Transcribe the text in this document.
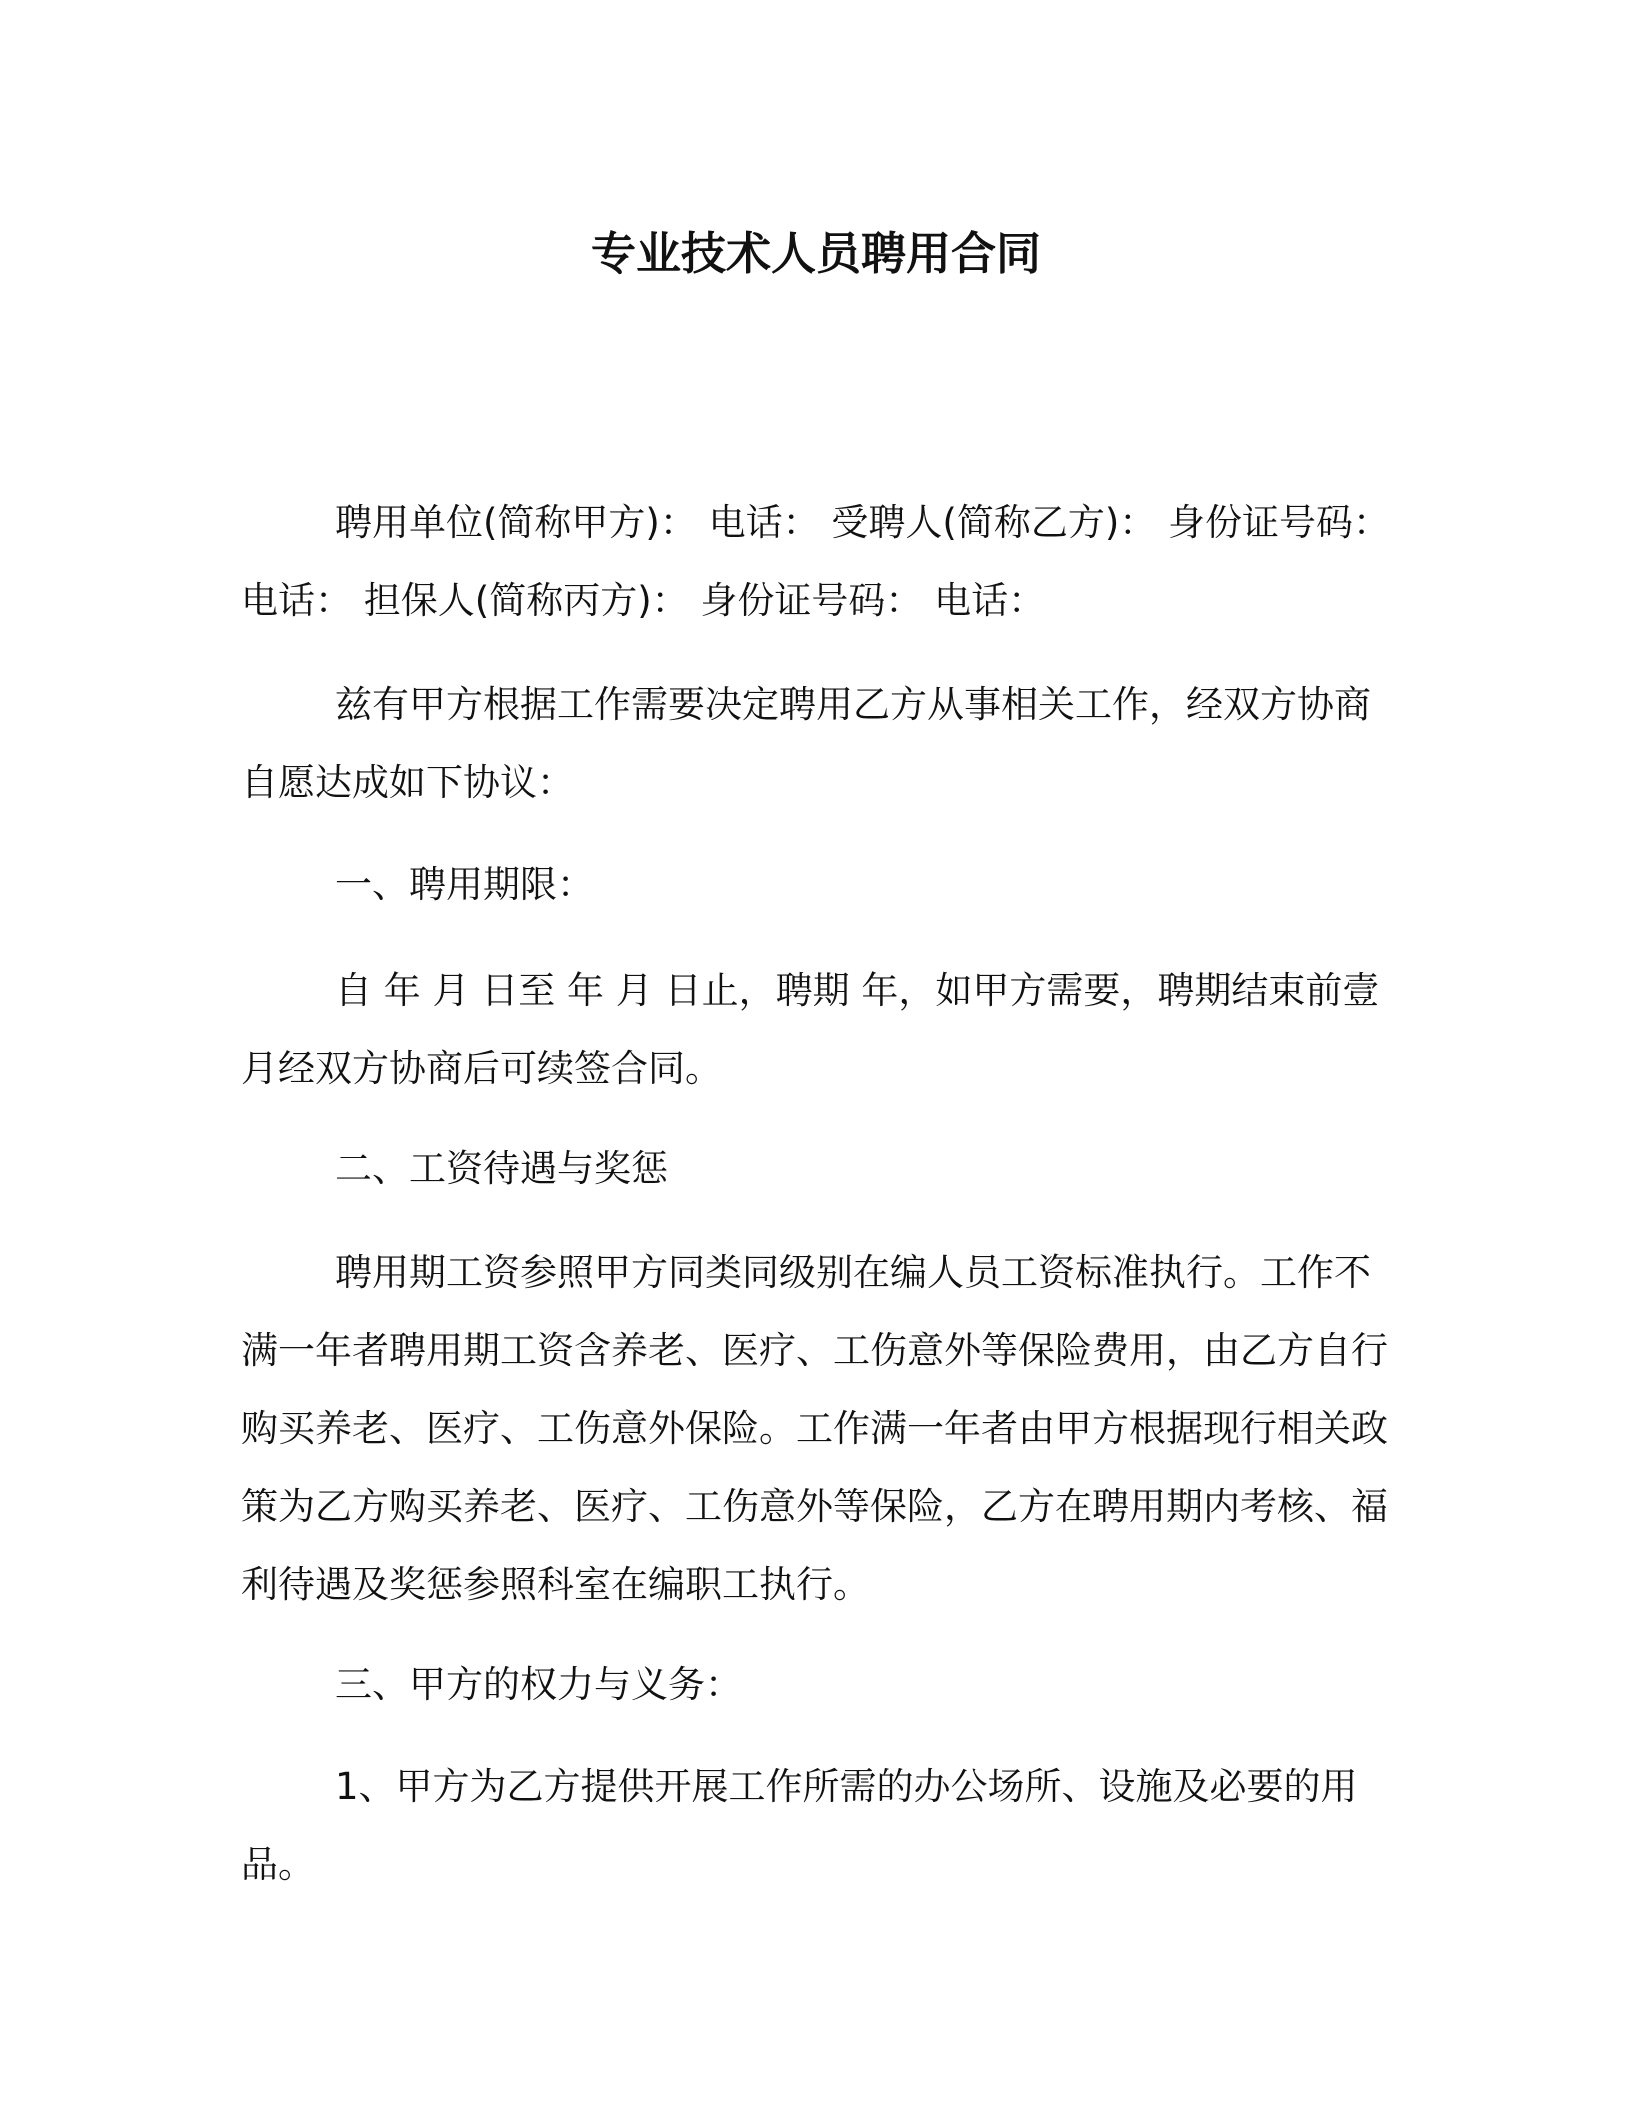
专业技术人员聘用合同

聘用单位(简称甲方)： 电话： 受聘人(简称乙方)： 身份证号码： 电话： 担保人(简称丙方)： 身份证号码： 电话：

兹有甲方根据工作需要决定聘用乙方从事相关工作，经双方协商自愿达成如下协议：

一、聘用期限：

自 年 月 日至 年 月 日止，聘期 年，如甲方需要，聘期结束前壹月经双方协商后可续签合同。

二、工资待遇与奖惩

聘用期工资参照甲方同类同级别在编人员工资标准执行。工作不满一年者聘用期工资含养老、医疗、工伤意外等保险费用，由乙方自行购买养老、医疗、工伤意外保险。工作满一年者由甲方根据现行相关政策为乙方购买养老、医疗、工伤意外等保险，乙方在聘用期内考核、福利待遇及奖惩参照科室在编职工执行。

三、甲方的权力与义务：

1、甲方为乙方提供开展工作所需的办公场所、设施及必要的用品。
